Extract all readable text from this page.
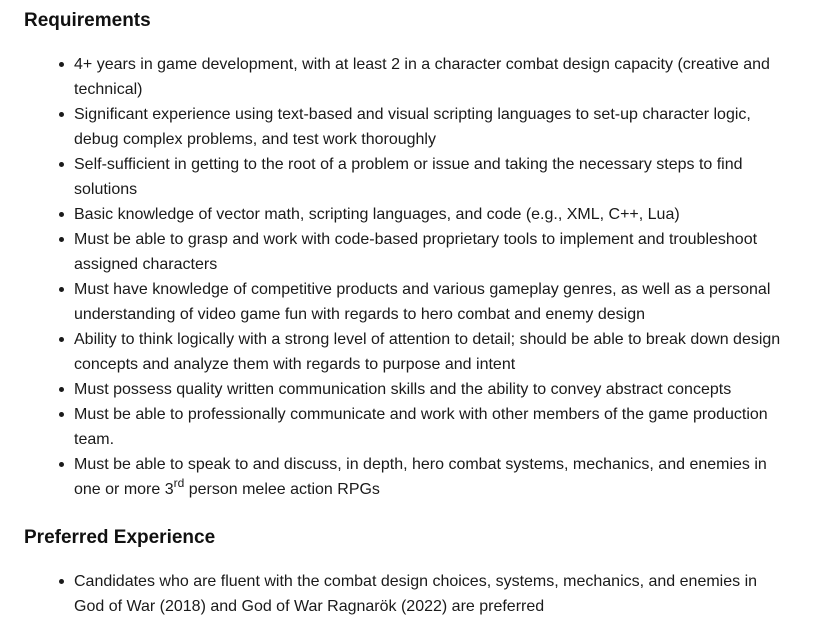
Requirements
4+ years in game development, with at least 2 in a character combat design capacity (creative and technical)
Significant experience using text-based and visual scripting languages to set-up character logic, debug complex problems, and test work thoroughly
Self-sufficient in getting to the root of a problem or issue and taking the necessary steps to find solutions
Basic knowledge of vector math, scripting languages, and code (e.g., XML, C++, Lua)
Must be able to grasp and work with code-based proprietary tools to implement and troubleshoot assigned characters
Must have knowledge of competitive products and various gameplay genres, as well as a personal understanding of video game fun with regards to hero combat and enemy design
Ability to think logically with a strong level of attention to detail; should be able to break down design concepts and analyze them with regards to purpose and intent
Must possess quality written communication skills and the ability to convey abstract concepts
Must be able to professionally communicate and work with other members of the game production team.
Must be able to speak to and discuss, in depth, hero combat systems, mechanics, and enemies in one or more 3rd person melee action RPGs
Preferred Experience
Candidates who are fluent with the combat design choices, systems, mechanics, and enemies in God of War (2018) and God of War Ragnarök (2022) are preferred
